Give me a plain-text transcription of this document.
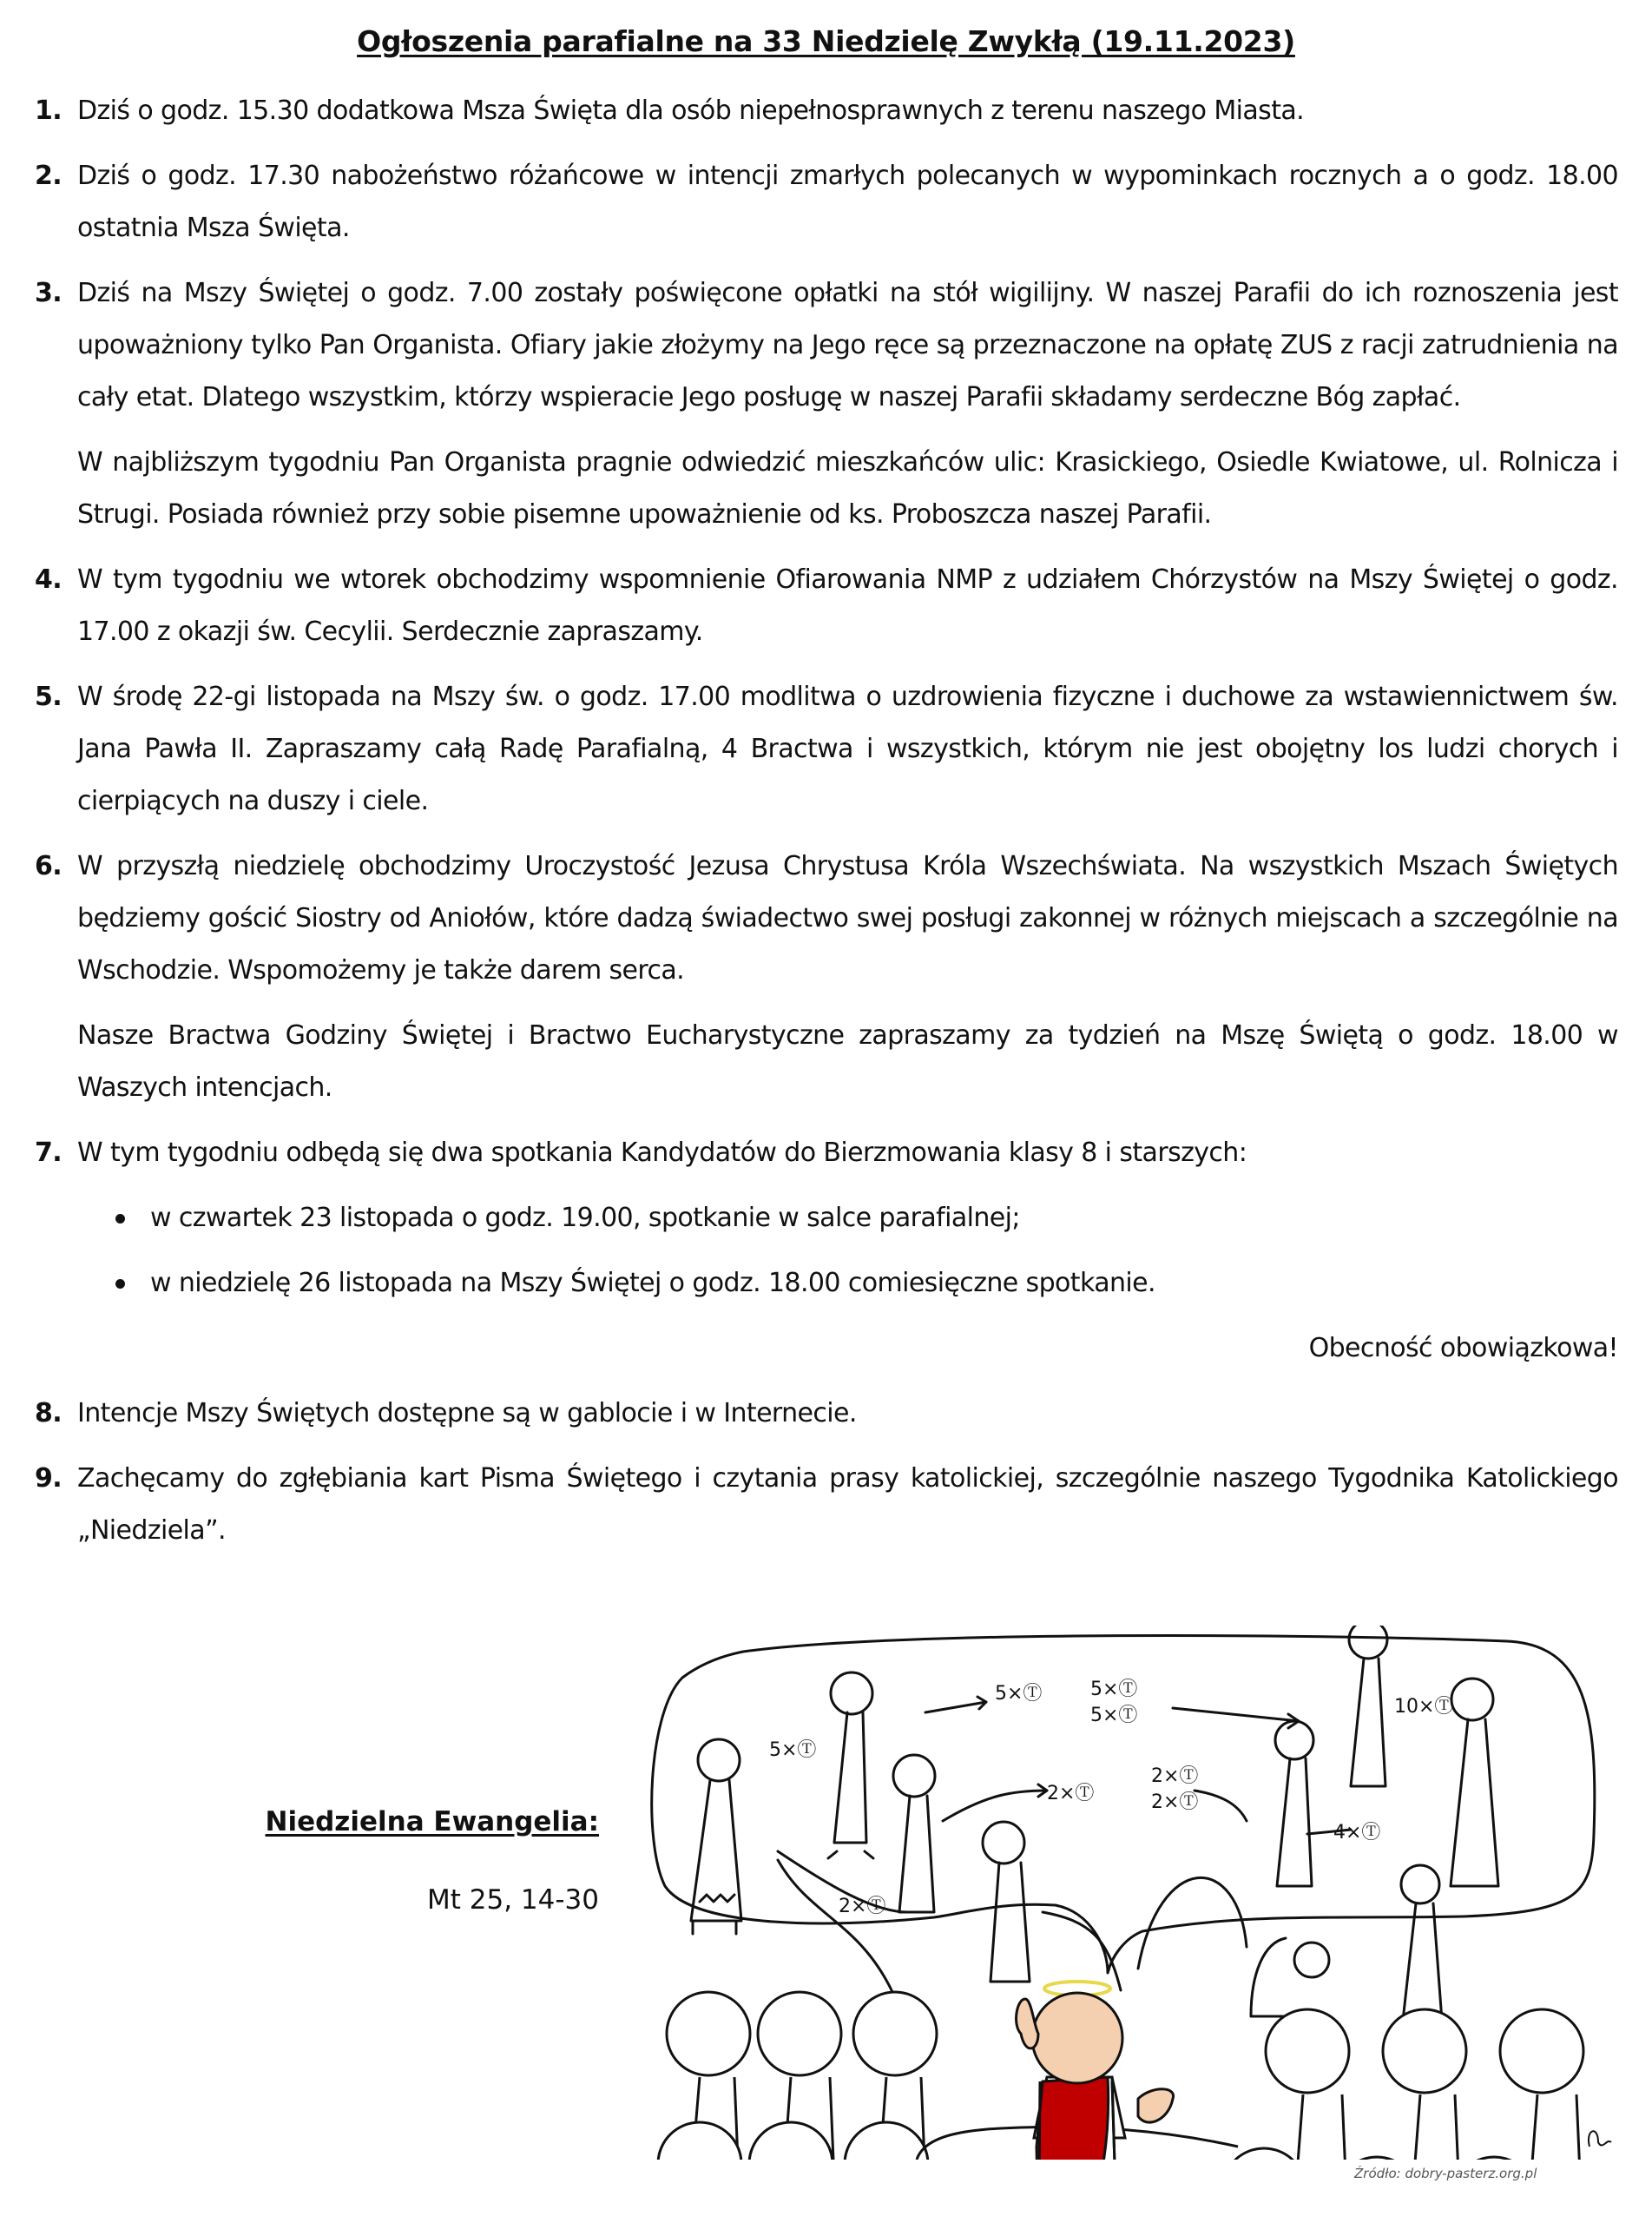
Ogłoszenia parafialne na 33 Niedzielę Zwykłą (19.11.2023)
1. Dziś o godz. 15.30 dodatkowa Msza Święta dla osób niepełnosprawnych z terenu naszego Miasta.

2. Dziś o godz. 17.30 nabożeństwo różańcowe w intencji zmarłych polecanych w wypominkach rocznych a o godz. 18.00 ostatnia Msza Święta.

3. Dziś na Mszy Świętej o godz. 7.00 zostały poświęcone opłatki na stół wigilijny. W naszej Parafii do ich roznoszenia jest upoważniony tylko Pan Organista. Ofiary jakie złożymy na Jego ręce są przeznaczone na opłatę ZUS z racji zatrudnienia na cały etat. Dlatego wszystkim, którzy wspieracie Jego posługę w naszej Parafii składamy serdeczne Bóg zapłać.

W najbliższym tygodniu Pan Organista pragnie odwiedzić mieszkańców ulic: Krasickiego, Osiedle Kwiatowe, ul. Rolnicza i Strugi. Posiada również przy sobie pisemne upoważnienie od ks. Proboszcza naszej Parafii.

4. W tym tygodniu we wtorek obchodzimy wspomnienie Ofiarowania NMP z udziałem Chórzystów na Mszy Świętej o godz. 17.00 z okazji św. Cecylii. Serdecznie zapraszamy.

5. W środę 22-gi listopada na Mszy św. o godz. 17.00 modlitwa o uzdrowienia fizyczne i duchowe za wstawiennictwem św. Jana Pawła II. Zapraszamy całą Radę Parafialną, 4 Bractwa i wszystkich, którym nie jest obojętny los ludzi chorych i cierpiących na duszy i ciele.

6. W przyszłą niedzielę obchodzimy Uroczystość Jezusa Chrystusa Króla Wszechświata. Na wszystkich Mszach Świętych będziemy gościć Siostry od Aniołów, które dadzą świadectwo swej posługi zakonnej w różnych miejscach a szczególnie na Wschodzie. Wspomożemy je także darem serca.

Nasze Bractwa Godziny Świętej i Bractwo Eucharystyczne zapraszamy za tydzień na Mszę Świętą o godz. 18.00 w Waszych intencjach.

7. W tym tygodniu odbędą się dwa spotkania Kandydatów do Bierzmowania klasy 8 i starszych:

w czwartek 23 listopada o godz. 19.00, spotkanie w salce parafialnej;
w niedzielę 26 listopada na Mszy Świętej o godz. 18.00 comiesięczne spotkanie.

Obecność obowiązkowa!

8. Intencje Mszy Świętych dostępne są w gablocie i w Internecie.

9. Zachęcamy do zgłębiania kart Pisma Świętego i czytania prasy katolickiej, szczególnie naszego Tygodnika Katolickiego „Niedziela”.

Niedzielna Ewangelia:
Mt 25, 14-30
5×Ⓣ
5×Ⓣ	5×Ⓣ
5×Ⓣ	10×Ⓣ
2×Ⓣ
2×Ⓣ
2×Ⓣ
2×Ⓣ
4×Ⓣ
Źródło: dobry-pasterz.org.pl
